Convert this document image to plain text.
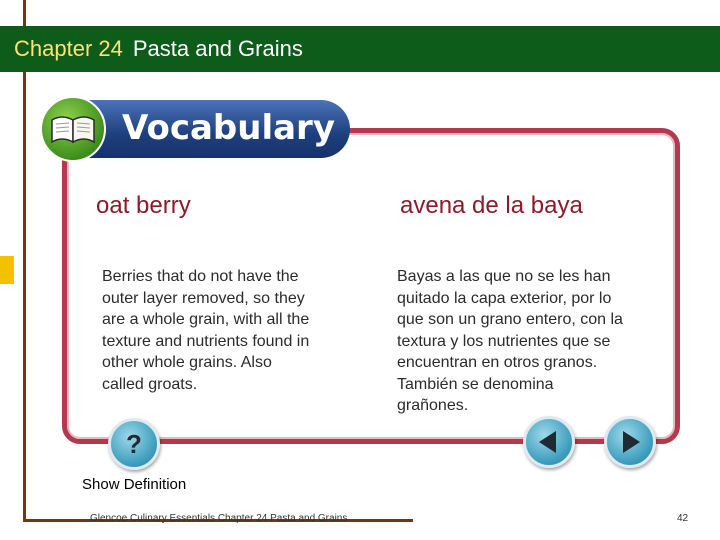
Chapter 24 Pasta and Grains
Vocabulary
oat berry	avena de la baya
Berries that do not have the
outer layer removed, so they
are a whole grain, with all the
texture and nutrients found in
other whole grains. Also
called groats.
Bayas a las que no se les han
quitado la capa exterior, por lo
que son un grano entero, con la
textura y los nutrientes que se
encuentran en otros granos.
También se denomina
grañones.
?
Show Definition
Glencoe Culinary Essentials Chapter 24 Pasta and Grains	42
